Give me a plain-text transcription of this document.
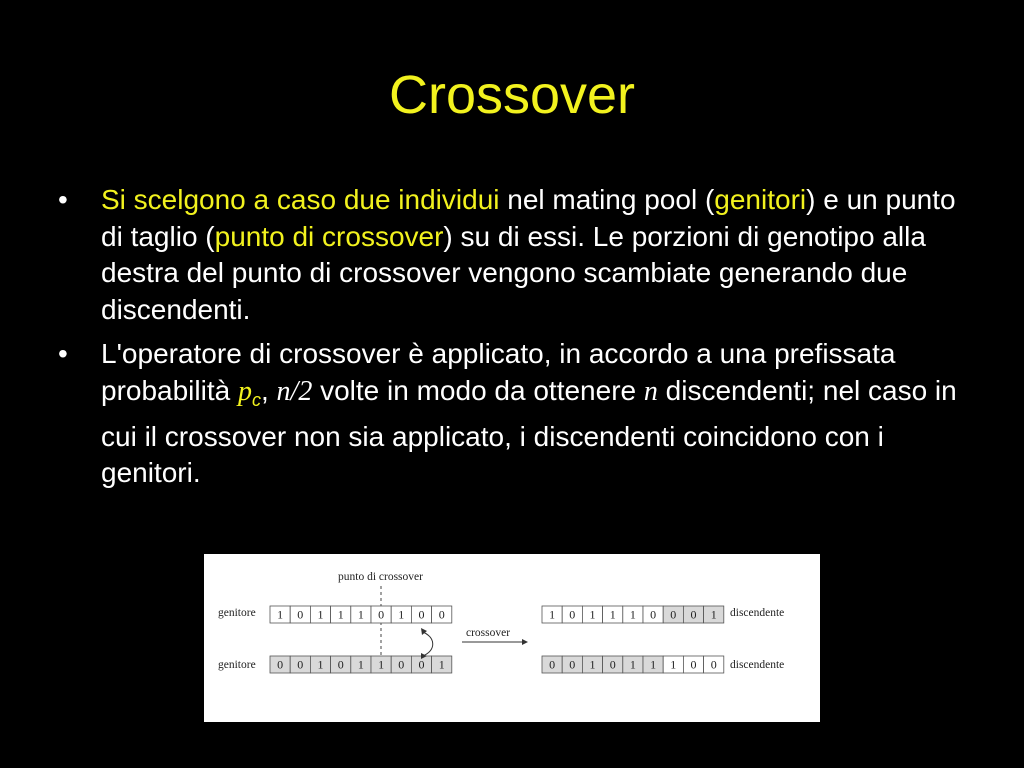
Crossover
•	Si scelgono a caso due individui nel mating pool (genitori) e un punto di taglio (punto di crossover) su di essi. Le porzioni di genotipo alla destra del punto di crossover vengono scambiate generando due discendenti.
•	L'operatore di crossover è applicato, in accordo a una prefissata probabilità $p_c$, n/2 volte in modo da ottenere n discendenti; nel caso in cui il crossover non sia applicato, i discendenti coincidono con i genitori.
punto di crossover
genitore
genitore
1 0 1 1 1 0 1 0 0
0 0 1 0 1 1 0 0 1
crossover
1 0 1 1 1 0 0 0 1
0 0 1 0 1 1 1 0 0
discendente
discendente
